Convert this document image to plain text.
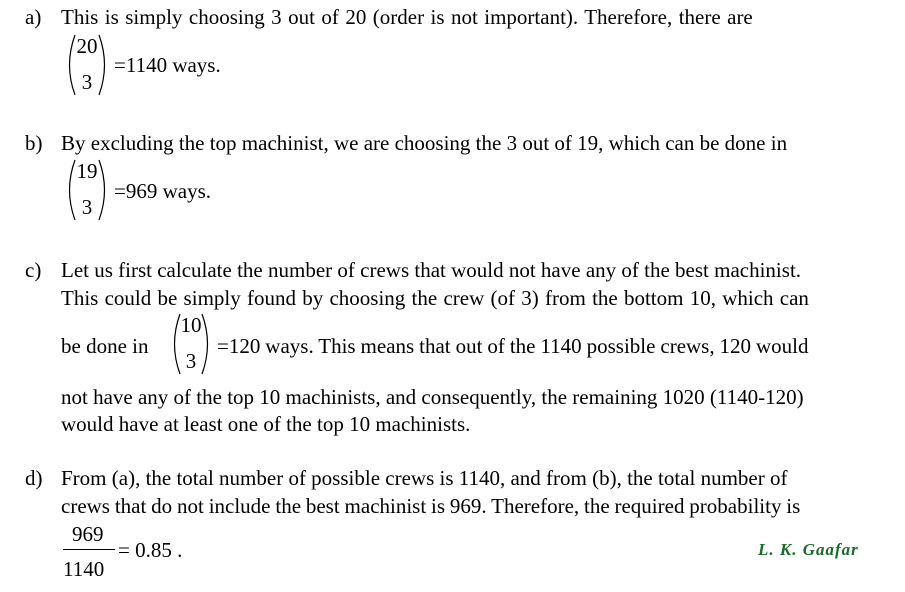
a) This is simply choosing 3 out of 20 (order is not important). Therefore, there are
20
3
=1140 ways.
b) By excluding the top machinist, we are choosing the 3 out of 19, which can be done in
19
3
=969 ways.
c) Let us first calculate the number of crews that would not have any of the best machinist.
This could be simply found by choosing the crew (of 3) from the bottom 10, which can
be done in
10
3
=120 ways. This means that out of the 1140 possible crews, 120 would
not have any of the top 10 machinists, and consequently, the remaining 1020 (1140-120)
would have at least one of the top 10 machinists.
d) From (a), the total number of possible crews is 1140, and from (b), the total number of
crews that do not include the best machinist is 969. Therefore, the required probability is
969
1140
= 0.85 .	L. K. Gaafar
